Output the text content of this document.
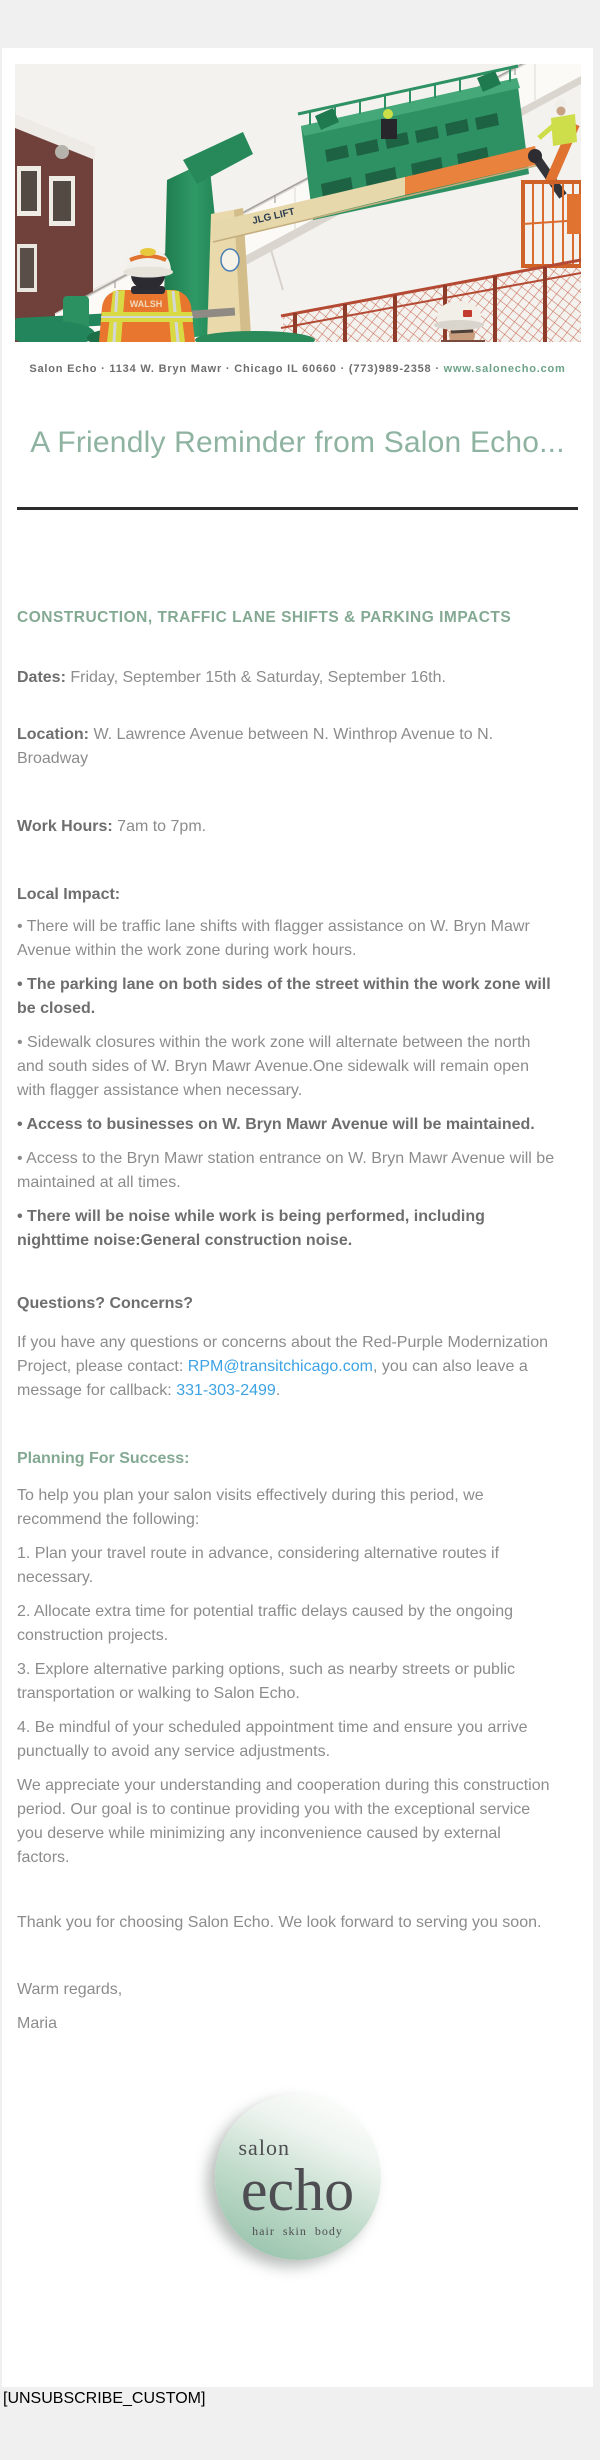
JLG LIFT
WALSH
Salon Echo · 1134 W. Bryn Mawr · Chicago IL 60660 · (773)989-2358 · www.salonecho.com
A Friendly Reminder from Salon Echo...
CONSTRUCTION, TRAFFIC LANE SHIFTS & PARKING IMPACTS

Dates: Friday, September 15th & Saturday, September 16th.

Location: W. Lawrence Avenue between N. Winthrop Avenue to N. Broadway

Work Hours: 7am to 7pm.

Local Impact:

• There will be traffic lane shifts with flagger assistance on W. Bryn Mawr Avenue within the work zone during work hours.

• The parking lane on both sides of the street within the work zone will be closed.

• Sidewalk closures within the work zone will alternate between the north and south sides of W. Bryn Mawr Avenue.One sidewalk will remain open with flagger assistance when necessary.

• Access to businesses on W. Bryn Mawr Avenue will be maintained.

• Access to the Bryn Mawr station entrance on W. Bryn Mawr Avenue will be maintained at all times.

• There will be noise while work is being performed, including nighttime noise:General construction noise.

Questions? Concerns?

If you have any questions or concerns about the Red-Purple Modernization Project, please contact: RPM@transitchicago.com, you can also leave a message for callback: 331-303-2499.

Planning For Success:

To help you plan your salon visits effectively during this period, we recommend the following:

1. Plan your travel route in advance, considering alternative routes if necessary.

2. Allocate extra time for potential traffic delays caused by the ongoing construction projects.

3. Explore alternative parking options, such as nearby streets or public transportation or walking to Salon Echo.

4. Be mindful of your scheduled appointment time and ensure you arrive punctually to avoid any service adjustments.

We appreciate your understanding and cooperation during this construction period. Our goal is to continue providing you with the exceptional service you deserve while minimizing any inconvenience caused by external factors.

Thank you for choosing Salon Echo. We look forward to serving you soon.

Warm regards,

Maria

salon
echo
hair skin body
[UNSUBSCRIBE_CUSTOM]
